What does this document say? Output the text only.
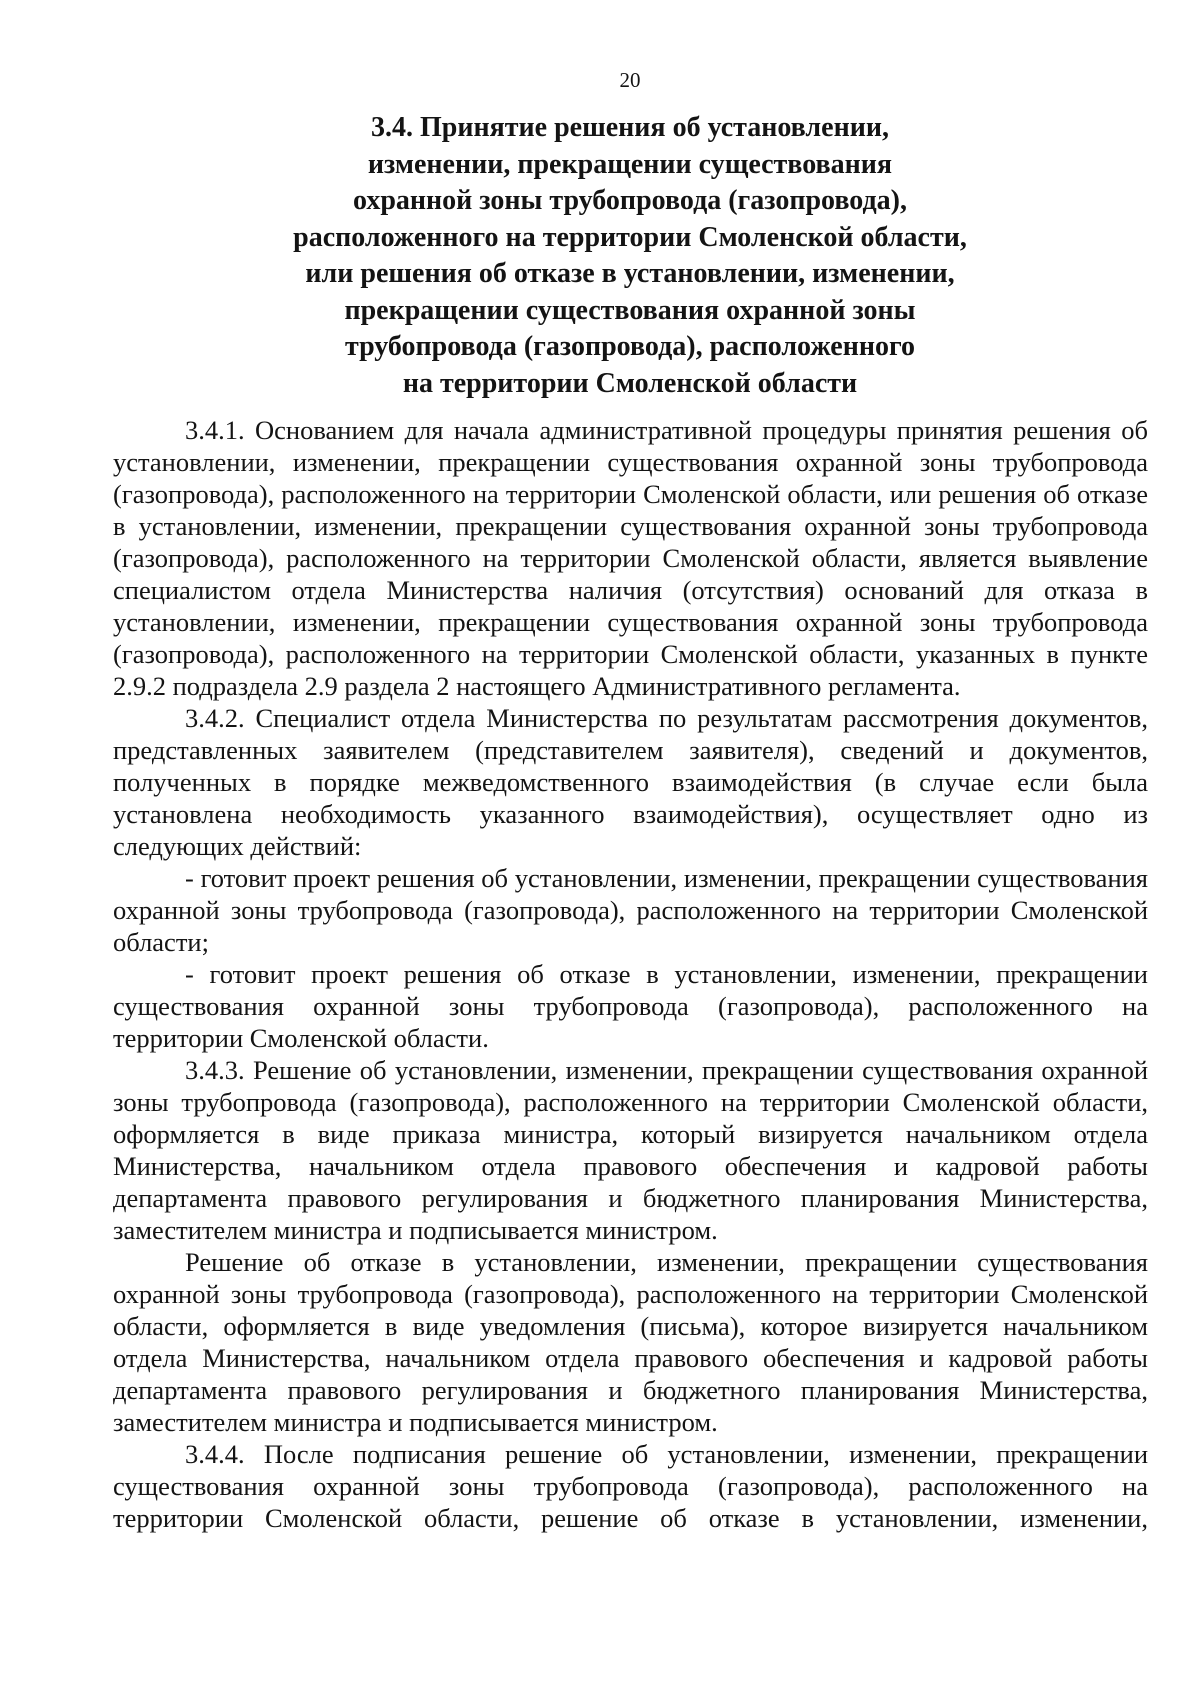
20
3.4. Принятие решения об установлении,
изменении, прекращении существования
охранной зоны трубопровода (газопровода),
расположенного на территории Смоленской области,
или решения об отказе в установлении, изменении,
прекращении существования охранной зоны
трубопровода (газопровода), расположенного
на территории Смоленской области

3.4.1. Основанием для начала административной процедуры принятия решения об установлении, изменении, прекращении существования охранной зоны трубопровода (газопровода), расположенного на территории Смоленской области, или решения об отказе в установлении, изменении, прекращении существования охранной зоны трубопровода (газопровода), расположенного на территории Смоленской области, является выявление специалистом отдела Министерства наличия (отсутствия) оснований для отказа в установлении, изменении, прекращении существования охранной зоны трубопровода (газопровода), расположенного на территории Смоленской области, указанных в пункте 2.9.2 подраздела 2.9 раздела 2 настоящего Административного регламента.

3.4.2. Специалист отдела Министерства по результатам рассмотрения документов, представленных заявителем (представителем заявителя), сведений и документов, полученных в порядке межведомственного взаимодействия (в случае если была установлена необходимость указанного взаимодействия), осуществляет одно из следующих действий:

- готовит проект решения об установлении, изменении, прекращении существования охранной зоны трубопровода (газопровода), расположенного на территории Смоленской области;

- готовит проект решения об отказе в установлении, изменении, прекращении существования охранной зоны трубопровода (газопровода), расположенного на территории Смоленской области.

3.4.3. Решение об установлении, изменении, прекращении существования охранной зоны трубопровода (газопровода), расположенного на территории Смоленской области, оформляется в виде приказа министра, который визируется начальником отдела Министерства, начальником отдела правового обеспечения и кадровой работы департамента правового регулирования и бюджетного планирования Министерства, заместителем министра и подписывается министром.

Решение об отказе в установлении, изменении, прекращении существования охранной зоны трубопровода (газопровода), расположенного на территории Смоленской области, оформляется в виде уведомления (письма), которое визируется начальником отдела Министерства, начальником отдела правового обеспечения и кадровой работы департамента правового регулирования и бюджетного планирования Министерства, заместителем министра и подписывается министром.

3.4.4. После подписания решение об установлении, изменении, прекращении существования охранной зоны трубопровода (газопровода), расположенного на территории Смоленской области, решение об отказе в установлении, изменении,
